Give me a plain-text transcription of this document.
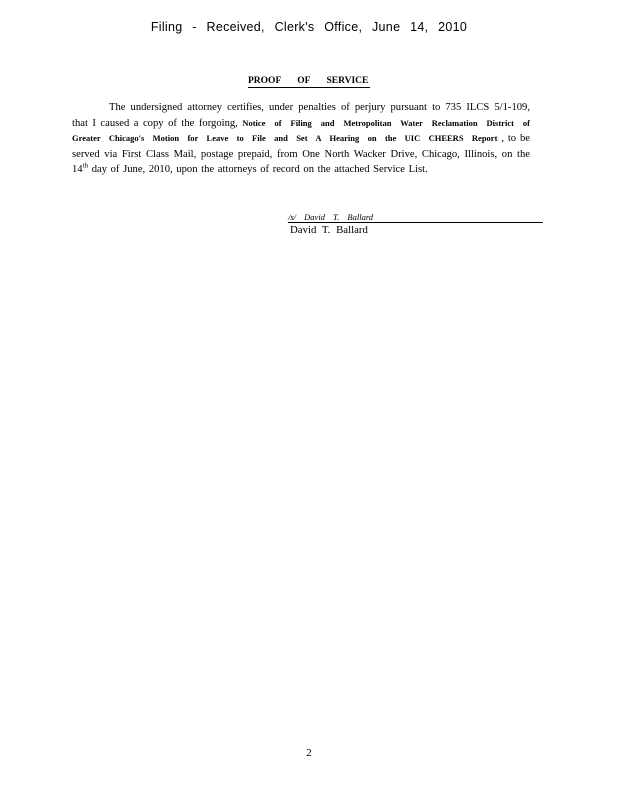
Filing - Received, Clerk's Office, June 14, 2010
PROOF OF SERVICE

The undersigned attorney certifies, under penalties of perjury pursuant to 735 ILCS 5/1-109, that I caused a copy of the forgoing, Notice of Filing and Metropolitan Water Reclamation District of Greater Chicago's Motion for Leave to File and Set A Hearing on the UIC CHEERS Report , to be served via First Class Mail, postage prepaid, from One North Wacker Drive, Chicago, Illinois, on the 14th day of June, 2010, upon the attorneys of record on the attached Service List.

/s/ David T. Ballard
David T. Ballard
2
